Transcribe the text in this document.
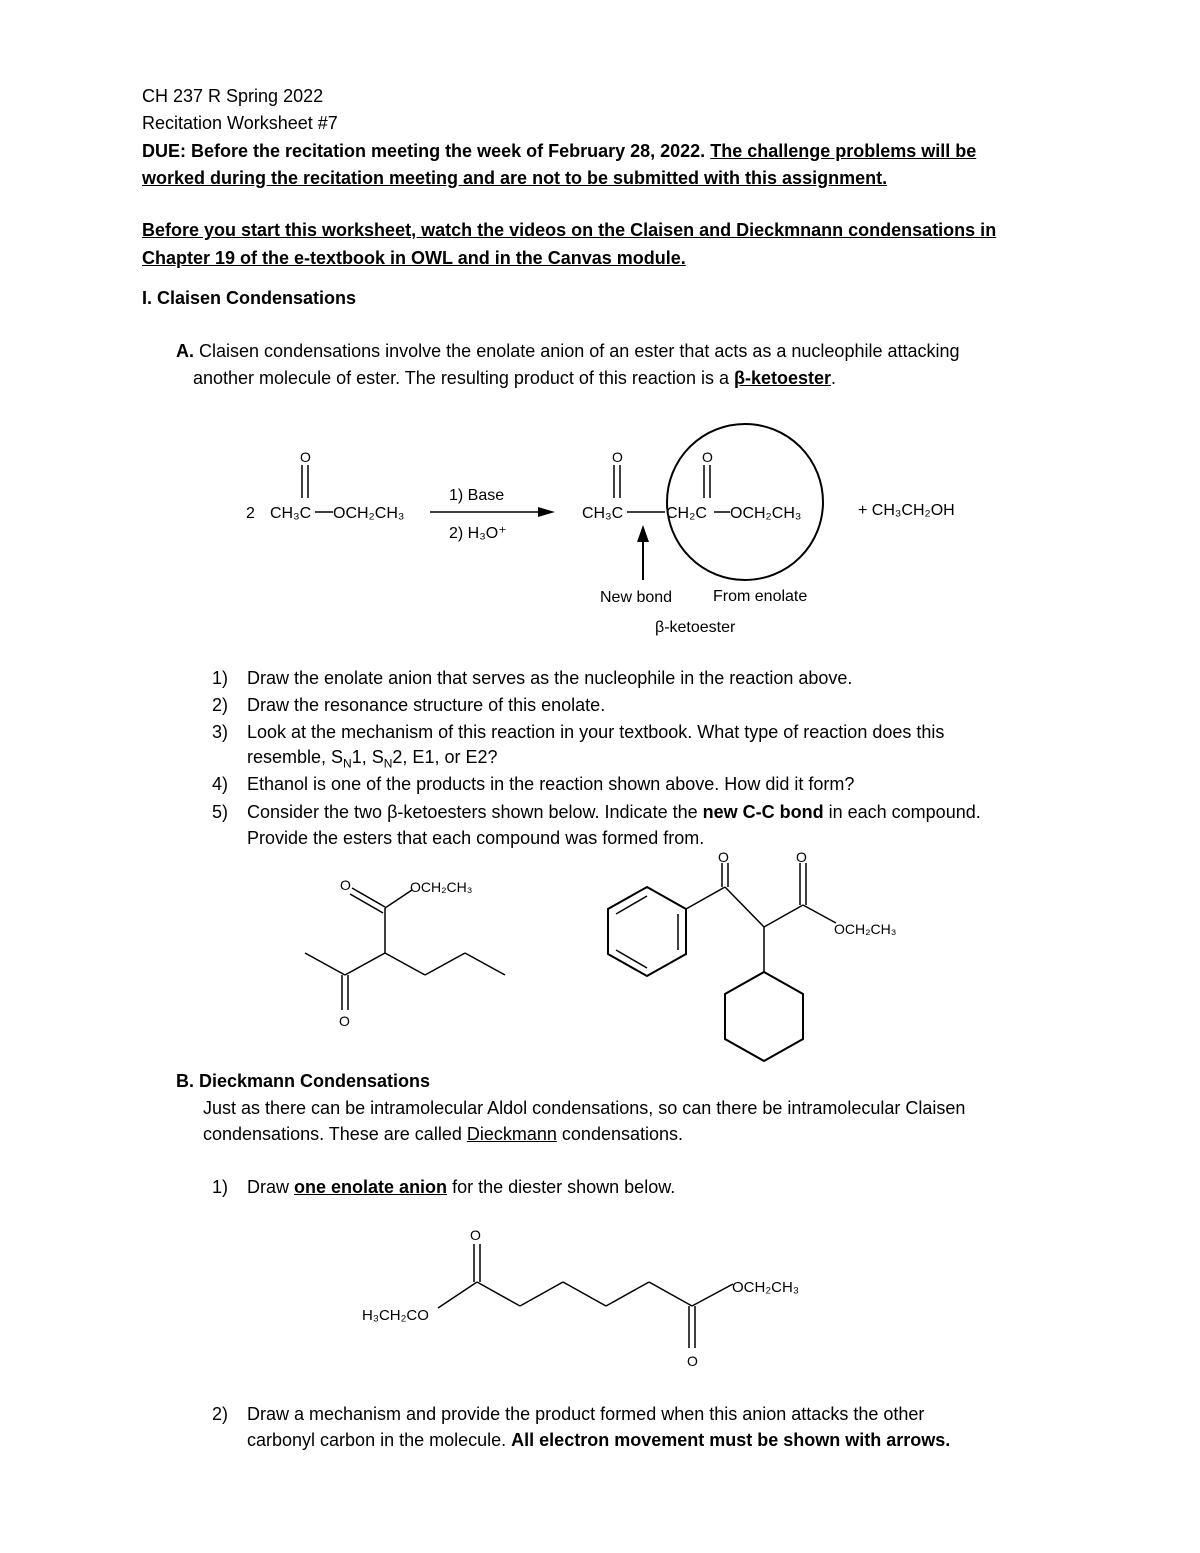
CH 237 R Spring 2022
Recitation Worksheet #7
DUE: Before the recitation meeting the week of February 28, 2022. The challenge problems will be
worked during the recitation meeting and are not to be submitted with this assignment.
Before you start this worksheet, watch the videos on the Claisen and Dieckmnann condensations in
Chapter 19 of the e-textbook in OWL and in the Canvas module.
I. Claisen Condensations
A. Claisen condensations involve the enolate anion of an ester that acts as a nucleophile attacking
another molecule of ester. The resulting product of this reaction is a β-ketoester.
2 CH₃C OCH₂CH₃
O
1) Base
2) H₃O⁺
CH₃C
O
CH₂C
O
OCH₂CH₃	+ CH₃CH₂OH
New bond	From enolate
β-ketoester
1) Draw the enolate anion that serves as the nucleophile in the reaction above.
2) Draw the resonance structure of this enolate.
3) Look at the mechanism of this reaction in your textbook. What type of reaction does this
resemble, $S_N1$, $S_N2$, E1, or E2?
4) Ethanol is one of the products in the reaction shown above. How did it form?
5) Consider the two β-ketoesters shown below. Indicate the new C-C bond in each compound.
Provide the esters that each compound was formed from.
O	OCH₂CH₃
O
O	O
OCH₂CH₃
B. Dieckmann Condensations
Just as there can be intramolecular Aldol condensations, so can there be intramolecular Claisen
condensations. These are called Dieckmann condensations.
1) Draw one enolate anion for the diester shown below.
O
H₃CH₂CO
OCH₂CH₃
O
2) Draw a mechanism and provide the product formed when this anion attacks the other
carbonyl carbon in the molecule. All electron movement must be shown with arrows.
